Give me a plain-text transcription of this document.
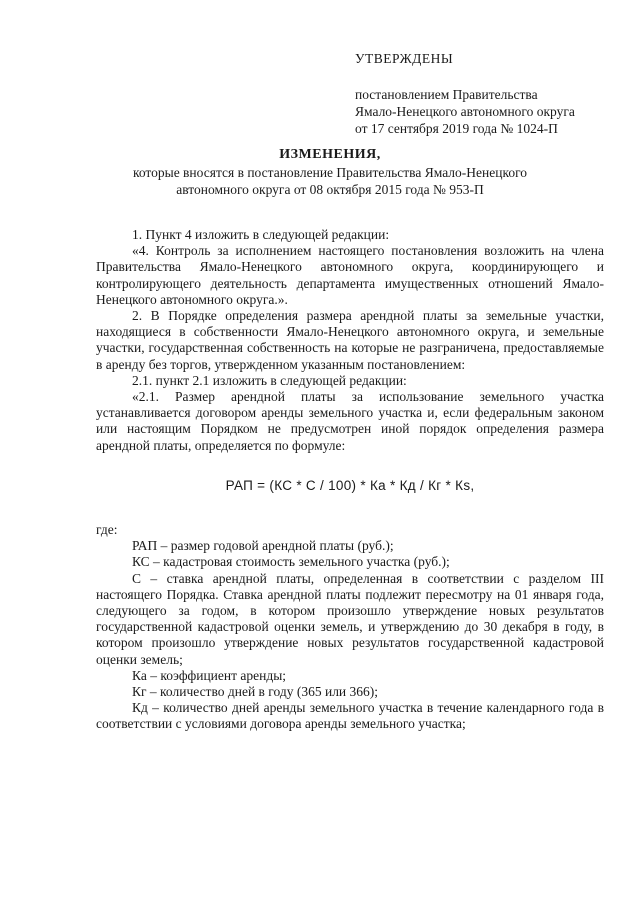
УТВЕРЖДЕНЫ
постановлением Правительства
Ямало-Ненецкого автономного округа
от 17 сентября 2019 года № 1024-П
ИЗМЕНЕНИЯ,
которые вносятся в постановление Правительства Ямало-Ненецкого
автономного округа от 08 октября 2015 года № 953-П

1. Пункт 4 изложить в следующей редакции:

«4. Контроль за исполнением настоящего постановления возложить на члена Правительства Ямало-Ненецкого автономного округа, координирующего и контролирующего деятельность департамента имущественных отношений Ямало-Ненецкого автономного округа.».

2. В Порядке определения размера арендной платы за земельные участки, находящиеся в собственности Ямало-Ненецкого автономного округа, и земельные участки, государственная собственность на которые не разграничена, предоставляемые в аренду без торгов, утвержденном указанным постановлением:

2.1. пункт 2.1 изложить в следующей редакции:

«2.1. Размер арендной платы за использование земельного участка устанавливается договором аренды земельного участка и, если федеральным законом или настоящим Порядком не предусмотрен иной порядок определения размера арендной платы, определяется по формуле:

РАП = (КС * С / 100) * Ка * Кд / Кг * Кs,

где:

РАП – размер годовой арендной платы (руб.);

КС – кадастровая стоимость земельного участка (руб.);

С – ставка арендной платы, определенная в соответствии с разделом III настоящего Порядка. Ставка арендной платы подлежит пересмотру на 01 января года, следующего за годом, в котором произошло утверждение новых результатов государственной кадастровой оценки земель, и утверждению до 30 декабря в году, в котором произошло утверждение новых результатов государственной кадастровой оценки земель;

Ка – коэффициент аренды;

Кг – количество дней в году (365 или 366);

Кд – количество дней аренды земельного участка в течение календарного года в соответствии с условиями договора аренды земельного участка;
